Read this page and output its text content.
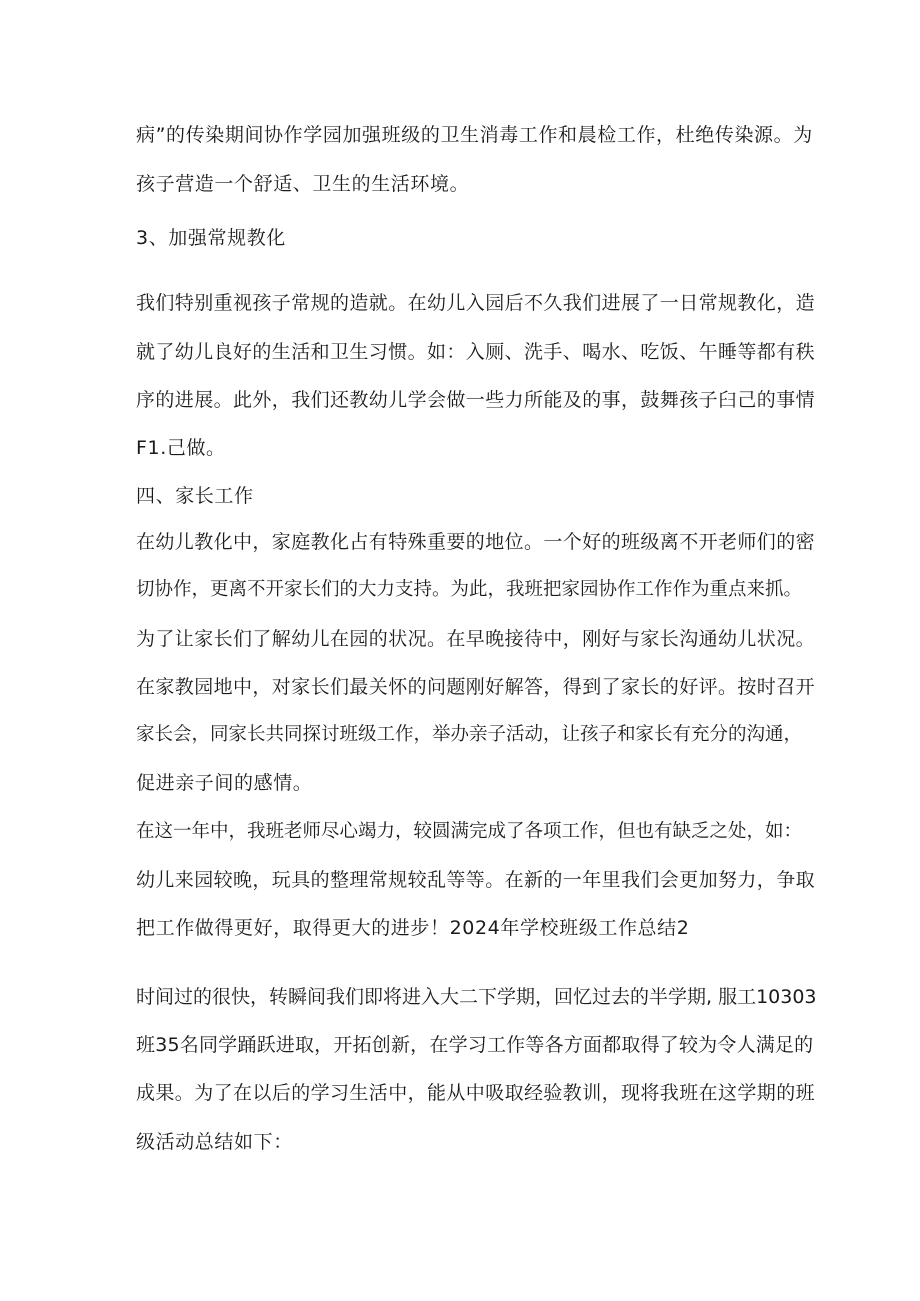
病”的传染期间协作学园加强班级的卫生消毒工作和晨检工作，杜绝传染源。为
孩子营造一个舒适、卫生的生活环境。
3、加强常规教化
我们特别重视孩子常规的造就。在幼儿入园后不久我们进展了一日常规教化，造
就了幼儿良好的生活和卫生习惯。如：入厕、洗手、喝水、吃饭、午睡等都有秩
序的进展。此外，我们还教幼儿学会做一些力所能及的事，鼓舞孩子臼己的事情
F1.己做。
四、家长工作
在幼儿教化中，家庭教化占有特殊重要的地位。一个好的班级离不开老师们的密
切协作，更离不开家长们的大力支持。为此，我班把家园协作工作作为重点来抓。
为了让家长们了解幼儿在园的状况。在早晚接待中，刚好与家长沟通幼儿状况。
在家教园地中，对家长们最关怀的问题刚好解答，得到了家长的好评。按时召开
家长会，同家长共同探讨班级工作，举办亲子活动，让孩子和家长有充分的沟通，
促进亲子间的感情。
在这一年中，我班老师尽心竭力，较圆满完成了各项工作，但也有缺乏之处，如：
幼儿来园较晚，玩具的整理常规较乱等等。在新的一年里我们会更加努力，争取
把工作做得更好，取得更大的进步！2024年学校班级工作总结2
时间过的很快，转瞬间我们即将进入大二下学期，回忆过去的半学期, 服工10303
班35名同学踊跃进取，开拓创新，在学习工作等各方面都取得了较为令人满足的
成果。为了在以后的学习生活中，能从中吸取经验教训，现将我班在这学期的班
级活动总结如下：
